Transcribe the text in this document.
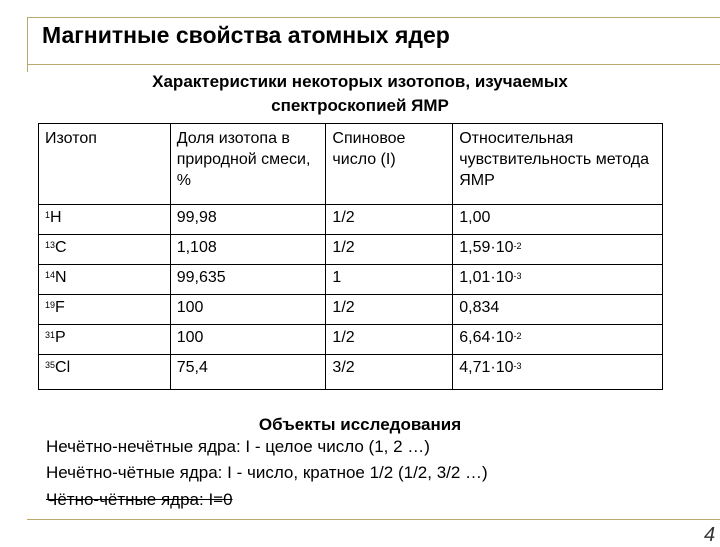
Магнитные свойства атомных ядер
Характеристики некоторых изотопов, изучаемых
спектроскопией ЯМР
Изотоп	Доля изотопа в природной смеси, %	Спиновое число (I)	Относительная чувствительность метода ЯМР
$^1$H	99,98	1/2	1,00
$^{13}$C	1,108	1/2	$1,59\cdot 10^{-2}$
$^{14}$N	99,635	1	$1,01\cdot 10^{-3}$
$^{19}$F	100	1/2	0,834
$^{31}$P	100	1/2	$6,64\cdot 10^{-2}$
$^{35}$Cl	75,4	3/2	$4,71\cdot 10^{-3}$
Объекты исследования
Нечётно-нечётные ядра: I - целое число (1, 2 …)
Нечётно-чётные ядра: I - число, кратное 1/2 (1/2, 3/2 …)
Чётно-чётные ядра: I=0
4
